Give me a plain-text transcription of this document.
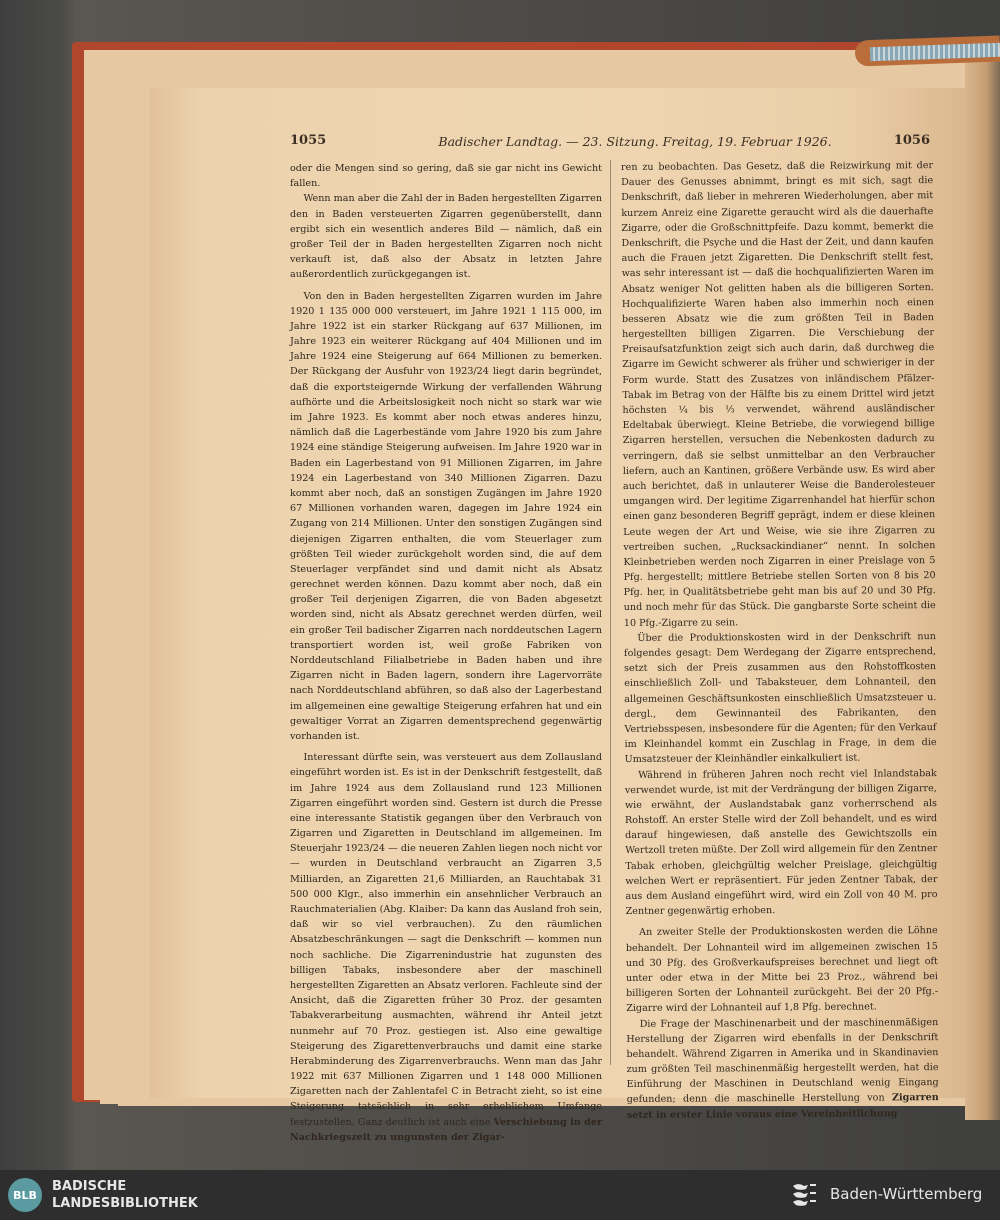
1055	Badischer Landtag. — 23. Sitzung. Freitag, 19. Februar 1926.	1056

oder die Mengen sind so gering, daß sie gar nicht ins Gewicht fallen.

Wenn man aber die Zahl der in Baden hergestellten Zigarren den in Baden versteuerten Zigarren gegenüberstellt, dann ergibt sich ein wesentlich anderes Bild — nämlich, daß ein großer Teil der in Baden hergestellten Zigarren noch nicht verkauft ist, daß also der Absatz in letzten Jahre außerordentlich zurückgegangen ist.

Von den in Baden hergestellten Zigarren wurden im Jahre 1920 1 135 000 000 versteuert, im Jahre 1921 1 115 000, im Jahre 1922 ist ein starker Rückgang auf 637 Millionen, im Jahre 1923 ein weiterer Rückgang auf 404 Millionen und im Jahre 1924 eine Steigerung auf 664 Millionen zu bemerken. Der Rückgang der Ausfuhr von 1923/24 liegt darin begründet, daß die exportsteigernde Wirkung der verfallenden Währung aufhörte und die Arbeitslosigkeit noch nicht so stark war wie im Jahre 1923. Es kommt aber noch etwas anderes hinzu, nämlich daß die Lagerbestände vom Jahre 1920 bis zum Jahre 1924 eine ständige Steigerung aufweisen. Im Jahre 1920 war in Baden ein Lagerbestand von 91 Millionen Zigarren, im Jahre 1924 ein Lagerbestand von 340 Millionen Zigarren. Dazu kommt aber noch, daß an sonstigen Zugängen im Jahre 1920 67 Millionen vorhanden waren, dagegen im Jahre 1924 ein Zugang von 214 Millionen. Unter den sonstigen Zugängen sind diejenigen Zigarren enthalten, die vom Steuerlager zum größten Teil wieder zurückgeholt worden sind, die auf dem Steuerlager verpfändet sind und damit nicht als Absatz gerechnet werden können. Dazu kommt aber noch, daß ein großer Teil derjenigen Zigarren, die von Baden abgesetzt worden sind, nicht als Absatz gerechnet werden dürfen, weil ein großer Teil badischer Zigarren nach norddeutschen Lagern transportiert worden ist, weil große Fabriken von Norddeutschland Filialbetriebe in Baden haben und ihre Zigarren nicht in Baden lagern, sondern ihre Lagervorräte nach Norddeutschland abführen, so daß also der Lagerbestand im allgemeinen eine gewaltige Steigerung erfahren hat und ein gewaltiger Vorrat an Zigarren dementsprechend gegenwärtig vorhanden ist.

Interessant dürfte sein, was versteuert aus dem Zollausland eingeführt worden ist. Es ist in der Denkschrift festgestellt, daß im Jahre 1924 aus dem Zollausland rund 123 Millionen Zigarren eingeführt worden sind. Gestern ist durch die Presse eine interessante Statistik gegangen über den Verbrauch von Zigarren und Zigaretten in Deutschland im allgemeinen. Im Steuerjahr 1923/24 — die neueren Zahlen liegen noch nicht vor — wurden in Deutschland verbraucht an Zigarren 3,5 Milliarden, an Zigaretten 21,6 Milliarden, an Rauchtabak 31 500 000 Klgr., also immerhin ein ansehnlicher Verbrauch an Rauchmaterialien (Abg. Klaiber: Da kann das Ausland froh sein, daß wir so viel verbrauchen). Zu den räumlichen Absatzbeschränkungen — sagt die Denkschrift — kommen nun noch sachliche. Die Zigarrenindustrie hat zugunsten des billigen Tabaks, insbesondere aber der maschinell hergestellten Zigaretten an Absatz verloren. Fachleute sind der Ansicht, daß die Zigaretten früher 30 Proz. der gesamten Tabakverarbeitung ausmachten, während ihr Anteil jetzt nunmehr auf 70 Proz. gestiegen ist. Also eine gewaltige Steigerung des Zigarettenverbrauchs und damit eine starke Herabminderung des Zigarrenverbrauchs. Wenn man das Jahr 1922 mit 637 Millionen Zigarren und 1 148 000 Millionen Zigaretten nach der Zahlentafel C in Betracht zieht, so ist eine Steigerung tatsächlich in sehr erheblichem Umfange festzustellen. Ganz deutlich ist auch eine Verschiebung in der Nachkriegszeit zu ungunsten der Zigar-

ren zu beobachten. Das Gesetz, daß die Reizwirkung mit der Dauer des Genusses abnimmt, bringt es mit sich, sagt die Denkschrift, daß lieber in mehreren Wiederholungen, aber mit kurzem Anreiz eine Zigarette geraucht wird als die dauerhafte Zigarre, oder die Großschnittpfeife. Dazu kommt, bemerkt die Denkschrift, die Psyche und die Hast der Zeit, und dann kaufen auch die Frauen jetzt Zigaretten. Die Denkschrift stellt fest, was sehr interessant ist — daß die hochqualifizierten Waren im Absatz weniger Not gelitten haben als die billigeren Sorten. Hochqualifizierte Waren haben also immerhin noch einen besseren Absatz wie die zum größten Teil in Baden hergestellten billigen Zigarren. Die Verschiebung der Preisaufsatzfunktion zeigt sich auch darin, daß durchweg die Zigarre im Gewicht schwerer als früher und schwieriger in der Form wurde. Statt des Zusatzes von inländischem Pfälzer-Tabak im Betrag von der Hälfte bis zu einem Drittel wird jetzt höchsten ¼ bis ⅓ verwendet, während ausländischer Edeltabak überwiegt. Kleine Betriebe, die vorwiegend billige Zigarren herstellen, versuchen die Nebenkosten dadurch zu verringern, daß sie selbst unmittelbar an den Verbraucher liefern, auch an Kantinen, größere Verbände usw. Es wird aber auch berichtet, daß in unlauterer Weise die Banderolesteuer umgangen wird. Der legitime Zigarrenhandel hat hierfür schon einen ganz besonderen Begriff geprägt, indem er diese kleinen Leute wegen der Art und Weise, wie sie ihre Zigarren zu vertreiben suchen, „Rucksackindianer“ nennt. In solchen Kleinbetrieben werden noch Zigarren in einer Preislage von 5 Pfg. hergestellt; mittlere Betriebe stellen Sorten von 8 bis 20 Pfg. her, in Qualitätsbetriebe geht man bis auf 20 und 30 Pfg. und noch mehr für das Stück. Die gangbarste Sorte scheint die 10 Pfg.-Zigarre zu sein.

Über die Produktionskosten wird in der Denkschrift nun folgendes gesagt: Dem Werdegang der Zigarre entsprechend, setzt sich der Preis zusammen aus den Rohstoffkosten einschließlich Zoll- und Tabaksteuer, dem Lohnanteil, den allgemeinen Geschäftsunkosten einschließlich Umsatzsteuer u. dergl., dem Gewinnanteil des Fabrikanten, den Vertriebsspesen, insbesondere für die Agenten; für den Verkauf im Kleinhandel kommt ein Zuschlag in Frage, in dem die Umsatzsteuer der Kleinhändler einkalkuliert ist.

Während in früheren Jahren noch recht viel Inlandstabak verwendet wurde, ist mit der Verdrängung der billigen Zigarre, wie erwähnt, der Auslandstabak ganz vorherrschend als Rohstoff. An erster Stelle wird der Zoll behandelt, und es wird darauf hingewiesen, daß anstelle des Gewichtszolls ein Wertzoll treten müßte. Der Zoll wird allgemein für den Zentner Tabak erhoben, gleichgültig welcher Preislage, gleichgültig welchen Wert er repräsentiert. Für jeden Zentner Tabak, der aus dem Ausland eingeführt wird, wird ein Zoll von 40 M. pro Zentner gegenwärtig erhoben.

An zweiter Stelle der Produktionskosten werden die Löhne behandelt. Der Lohnanteil wird im allgemeinen zwischen 15 und 30 Pfg. des Großverkaufspreises berechnet und liegt oft unter oder etwa in der Mitte bei 23 Proz., während bei billigeren Sorten der Lohnanteil zurückgeht. Bei der 20 Pfg.-Zigarre wird der Lohnanteil auf 1,8 Pfg. berechnet.

Die Frage der Maschinenarbeit und der maschinenmäßigen Herstellung der Zigarren wird ebenfalls in der Denkschrift behandelt. Während Zigarren in Amerika und in Skandinavien zum größten Teil maschinenmäßig hergestellt werden, hat die Einführung der Maschinen in Deutschland wenig Eingang gefunden; denn die maschinelle Herstellung von Zigarren setzt in erster Linie voraus eine Vereinheitlichung

BLB
BADISCHE
LANDESBIBLIOTHEK
Baden-Württemberg
